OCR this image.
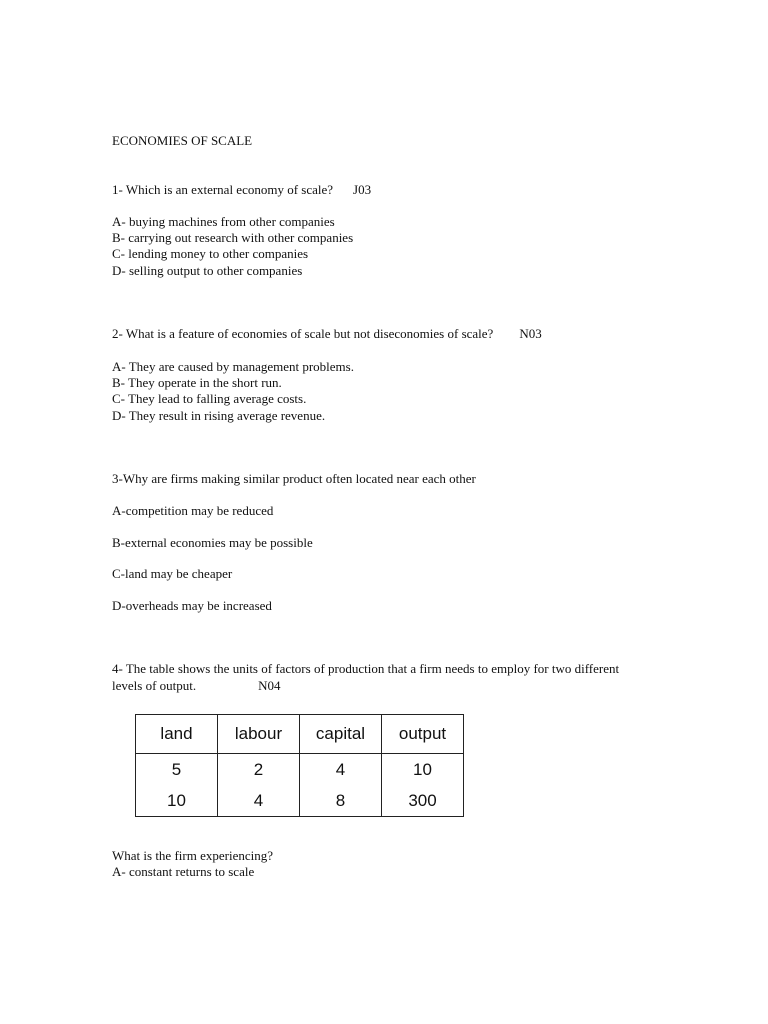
ECONOMIES OF SCALE
1- Which is an external economy of scale? J03
A- buying machines from other companies
B- carrying out research with other companies
C- lending money to other companies
D- selling output to other companies
2- What is a feature of economies of scale but not diseconomies of scale? N03
A- They are caused by management problems.
B- They operate in the short run.
C- They lead to falling average costs.
D- They result in rising average revenue.
3-Why are firms making similar product often located near each other
A-competition may be reduced
B-external economies may be possible
C-land may be cheaper
D-overheads may be increased
4- The table shows the units of factors of production that a firm needs to employ for two different
levels of output.	N04
land	labour	capital	output
5	2	4	10
10	4	8	300
What is the firm experiencing?
A- constant returns to scale
